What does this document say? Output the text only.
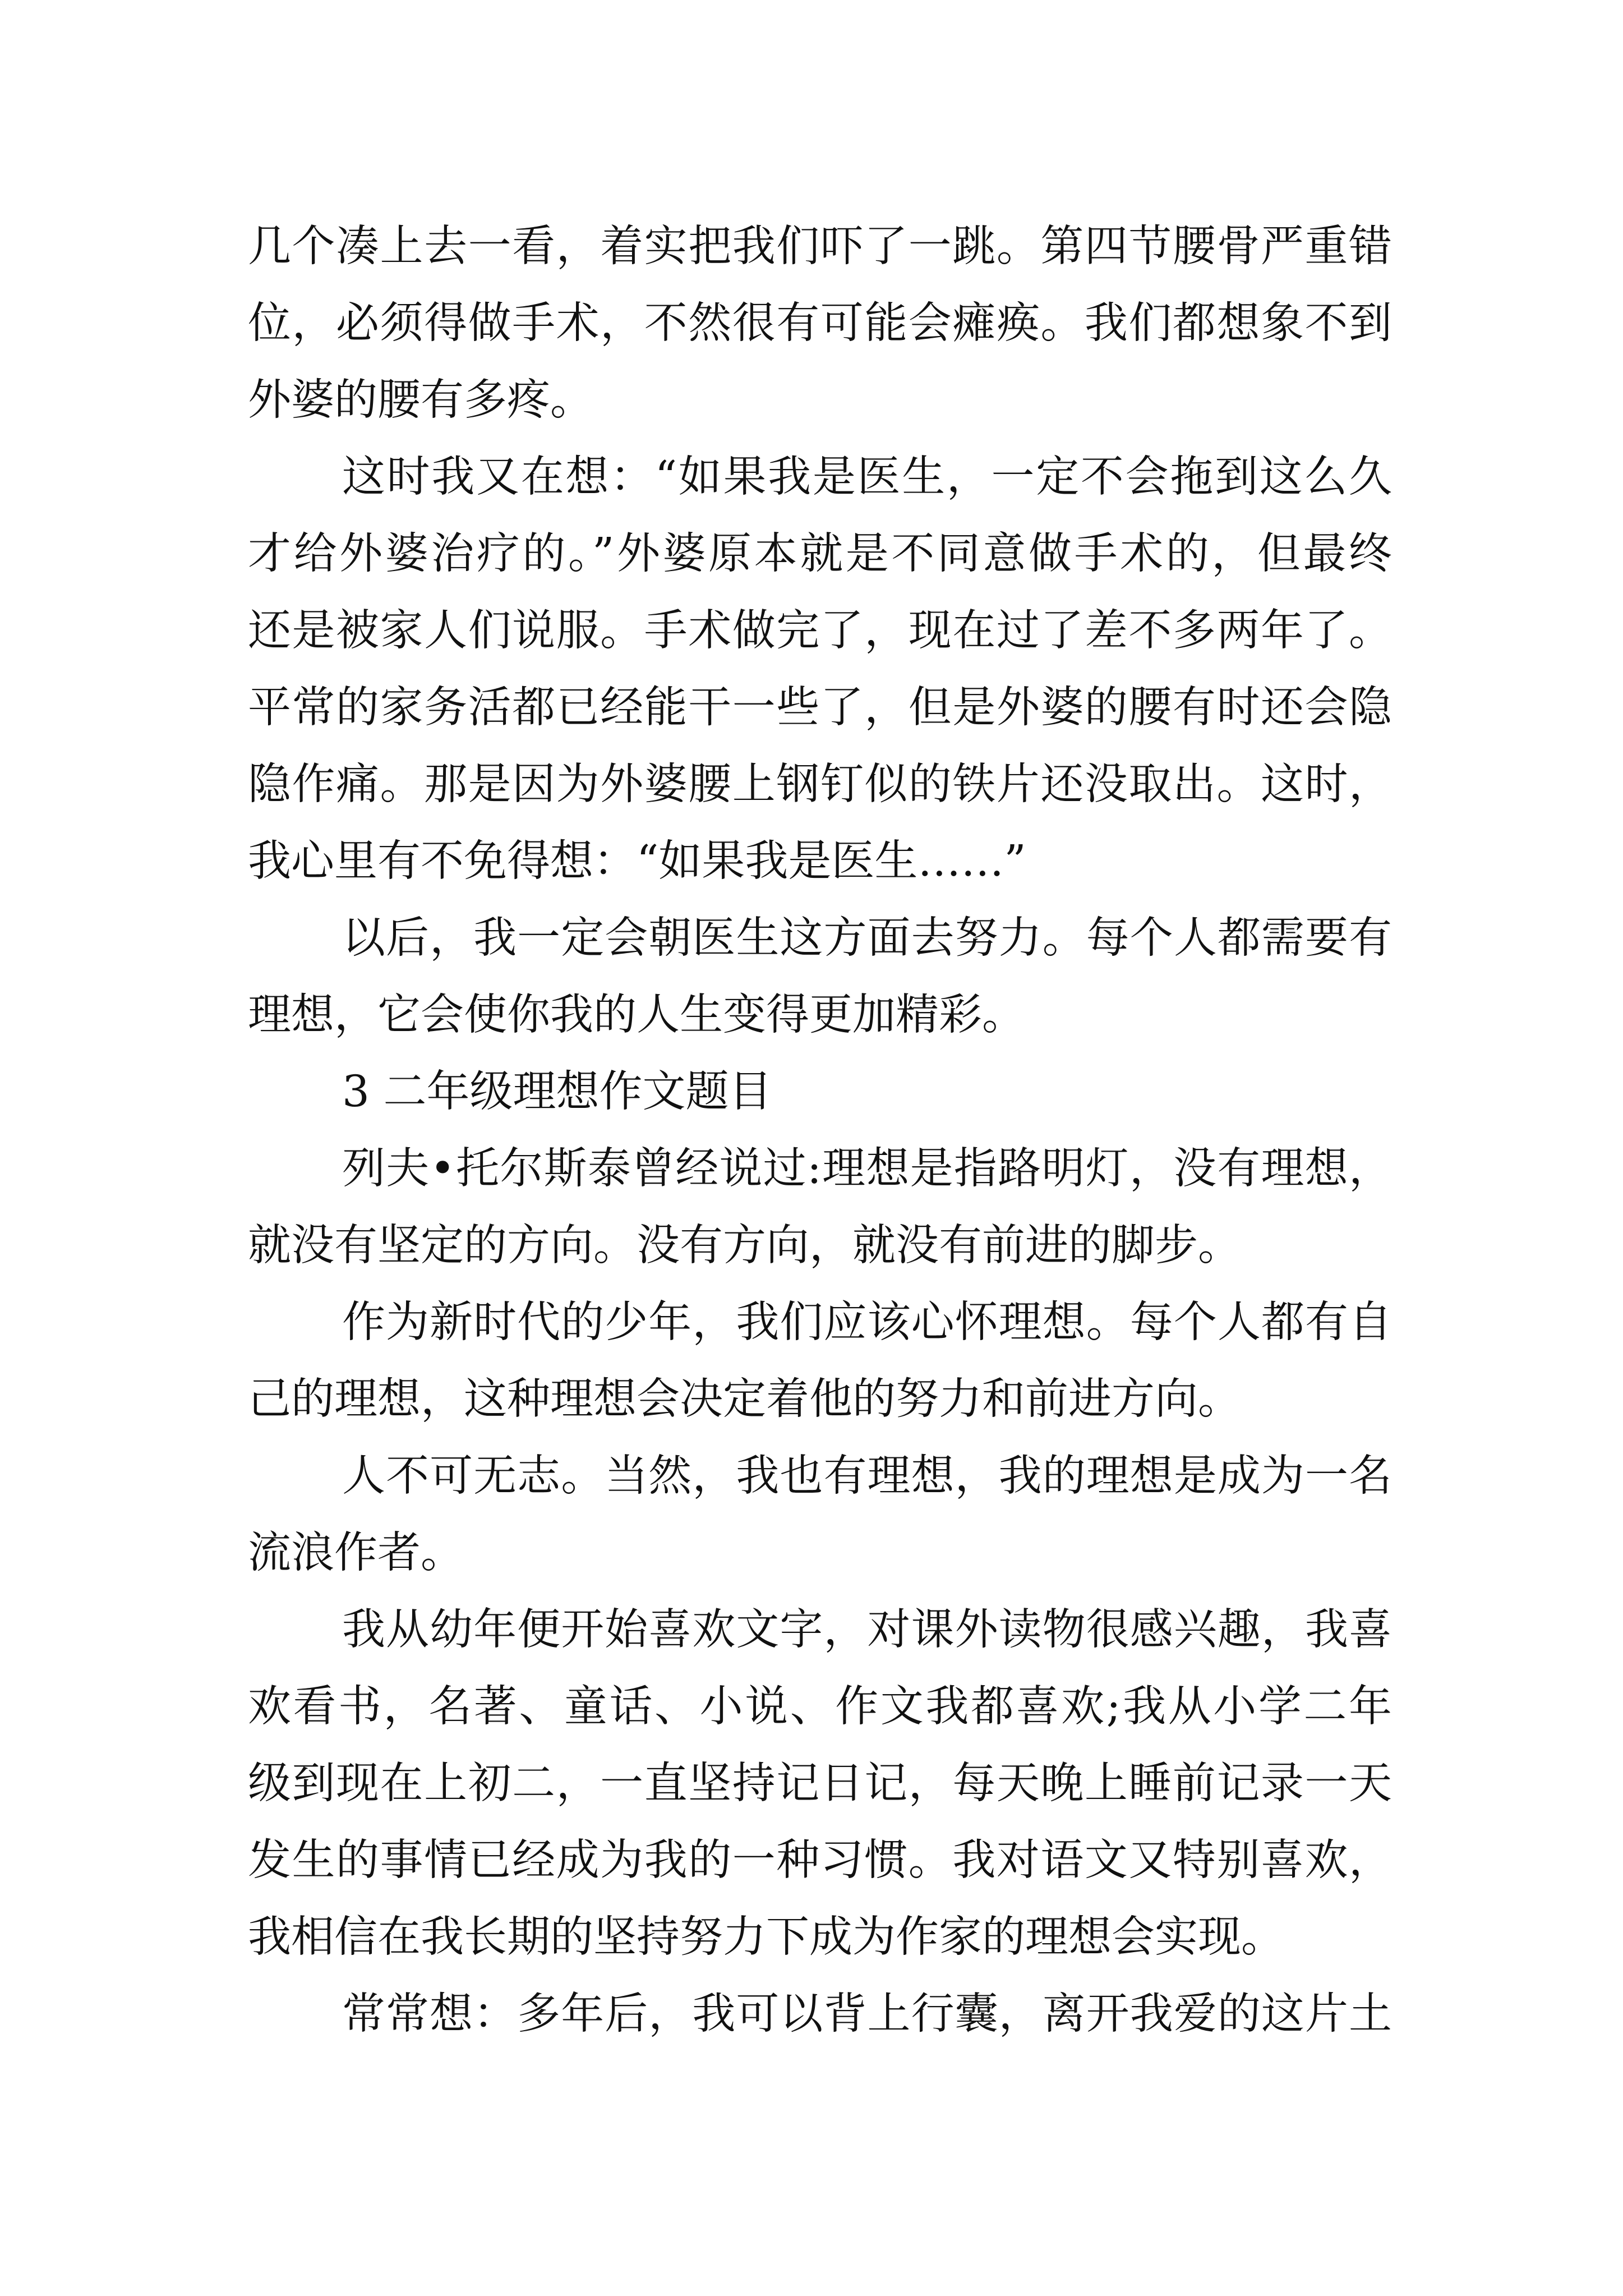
几个凑上去一看，着实把我们吓了一跳。第四节腰骨严重错
位，必须得做手术，不然很有可能会瘫痪。我们都想象不到
外婆的腰有多疼。
这时我又在想：“如果我是医生，一定不会拖到这么久
才给外婆治疗的。”外婆原本就是不同意做手术的，但最终
还是被家人们说服。手术做完了，现在过了差不多两年了。
平常的家务活都已经能干一些了，但是外婆的腰有时还会隐
隐作痛。那是因为外婆腰上钢钉似的铁片还没取出。这时，
我心里有不免得想：“如果我是医生……”
以后，我一定会朝医生这方面去努力。每个人都需要有
理想，它会使你我的人生变得更加精彩。
3 二年级理想作文题目
列夫•托尔斯泰曾经说过:理想是指路明灯，没有理想，
就没有坚定的方向。没有方向，就没有前进的脚步。
作为新时代的少年，我们应该心怀理想。每个人都有自
己的理想，这种理想会决定着他的努力和前进方向。
人不可无志。当然，我也有理想，我的理想是成为一名
流浪作者。
我从幼年便开始喜欢文字，对课外读物很感兴趣，我喜
欢看书，名著、童话、小说、作文我都喜欢;我从小学二年
级到现在上初二，一直坚持记日记，每天晚上睡前记录一天
发生的事情已经成为我的一种习惯。我对语文又特别喜欢，
我相信在我长期的坚持努力下成为作家的理想会实现。
常常想：多年后，我可以背上行囊，离开我爱的这片土
